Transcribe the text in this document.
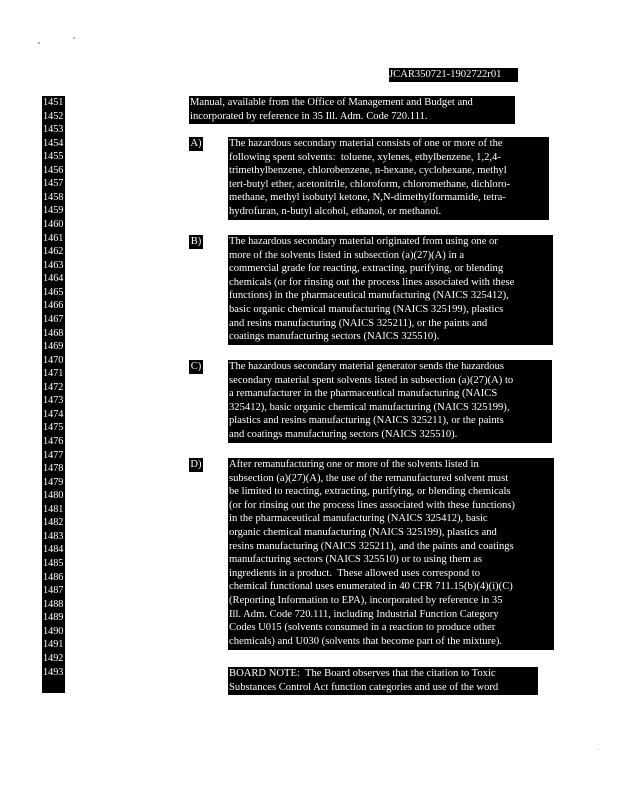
JCAR350721-1902722r01
1451
1452
1453
1454
1455
1456
1457
1458
1459
1460
1461
1462
1463
1464
1465
1466
1467
1468
1469
1470
1471
1472
1473
1474
1475
1476
1477
1478
1479
1480
1481
1482
1483
1484
1485
1486
1487
1488
1489
1490
1491
1492
1493
Manual, available from the Office of Management and Budget and
incorporated by reference in 35 Ill. Adm. Code 720.111.
A)	The hazardous secondary material consists of one or more of the
following spent solvents:  toluene, xylenes, ethylbenzene, 1,2,4-
trimethylbenzene, chlorobenzene, n-hexane, cyclohexane, methyl
tert-butyl ether, acetonitrile, chloroform, chloromethane, dichloro-
methane, methyl isobutyl ketone, N,N-dimethylformamide, tetra-
hydrofuran, n-butyl alcohol, ethanol, or methanol.
B)	The hazardous secondary material originated from using one or
more of the solvents listed in subsection (a)(27)(A) in a
commercial grade for reacting, extracting, purifying, or blending
chemicals (or for rinsing out the process lines associated with these
functions) in the pharmaceutical manufacturing (NAICS 325412),
basic organic chemical manufacturing (NAICS 325199), plastics
and resins manufacturing (NAICS 325211), or the paints and
coatings manufacturing sectors (NAICS 325510).
C)	The hazardous secondary material generator sends the hazardous
secondary material spent solvents listed in subsection (a)(27)(A) to
a remanufacturer in the pharmaceutical manufacturing (NAICS
325412), basic organic chemical manufacturing (NAICS 325199),
plastics and resins manufacturing (NAICS 325211), or the paints
and coatings manufacturing sectors (NAICS 325510).
D)	After remanufacturing one or more of the solvents listed in
subsection (a)(27)(A), the use of the remanufactured solvent must
be limited to reacting, extracting, purifying, or blending chemicals
(or for rinsing out the process lines associated with these functions)
in the pharmaceutical manufacturing (NAICS 325412), basic
organic chemical manufacturing (NAICS 325199), plastics and
resins manufacturing (NAICS 325211), and the paints and coatings
manufacturing sectors (NAICS 325510) or to using them as
ingredients in a product.  These allowed uses correspond to
chemical functional uses enumerated in 40 CFR 711.15(b)(4)(i)(C)
(Reporting Information to EPA), incorporated by reference in 35
Ill. Adm. Code 720.111, including Industrial Function Category
Codes U015 (solvents consumed in a reaction to produce other
chemicals) and U030 (solvents that become part of the mixture).
BOARD NOTE:  The Board observes that the citation to Toxic
Substances Control Act function categories and use of the word
